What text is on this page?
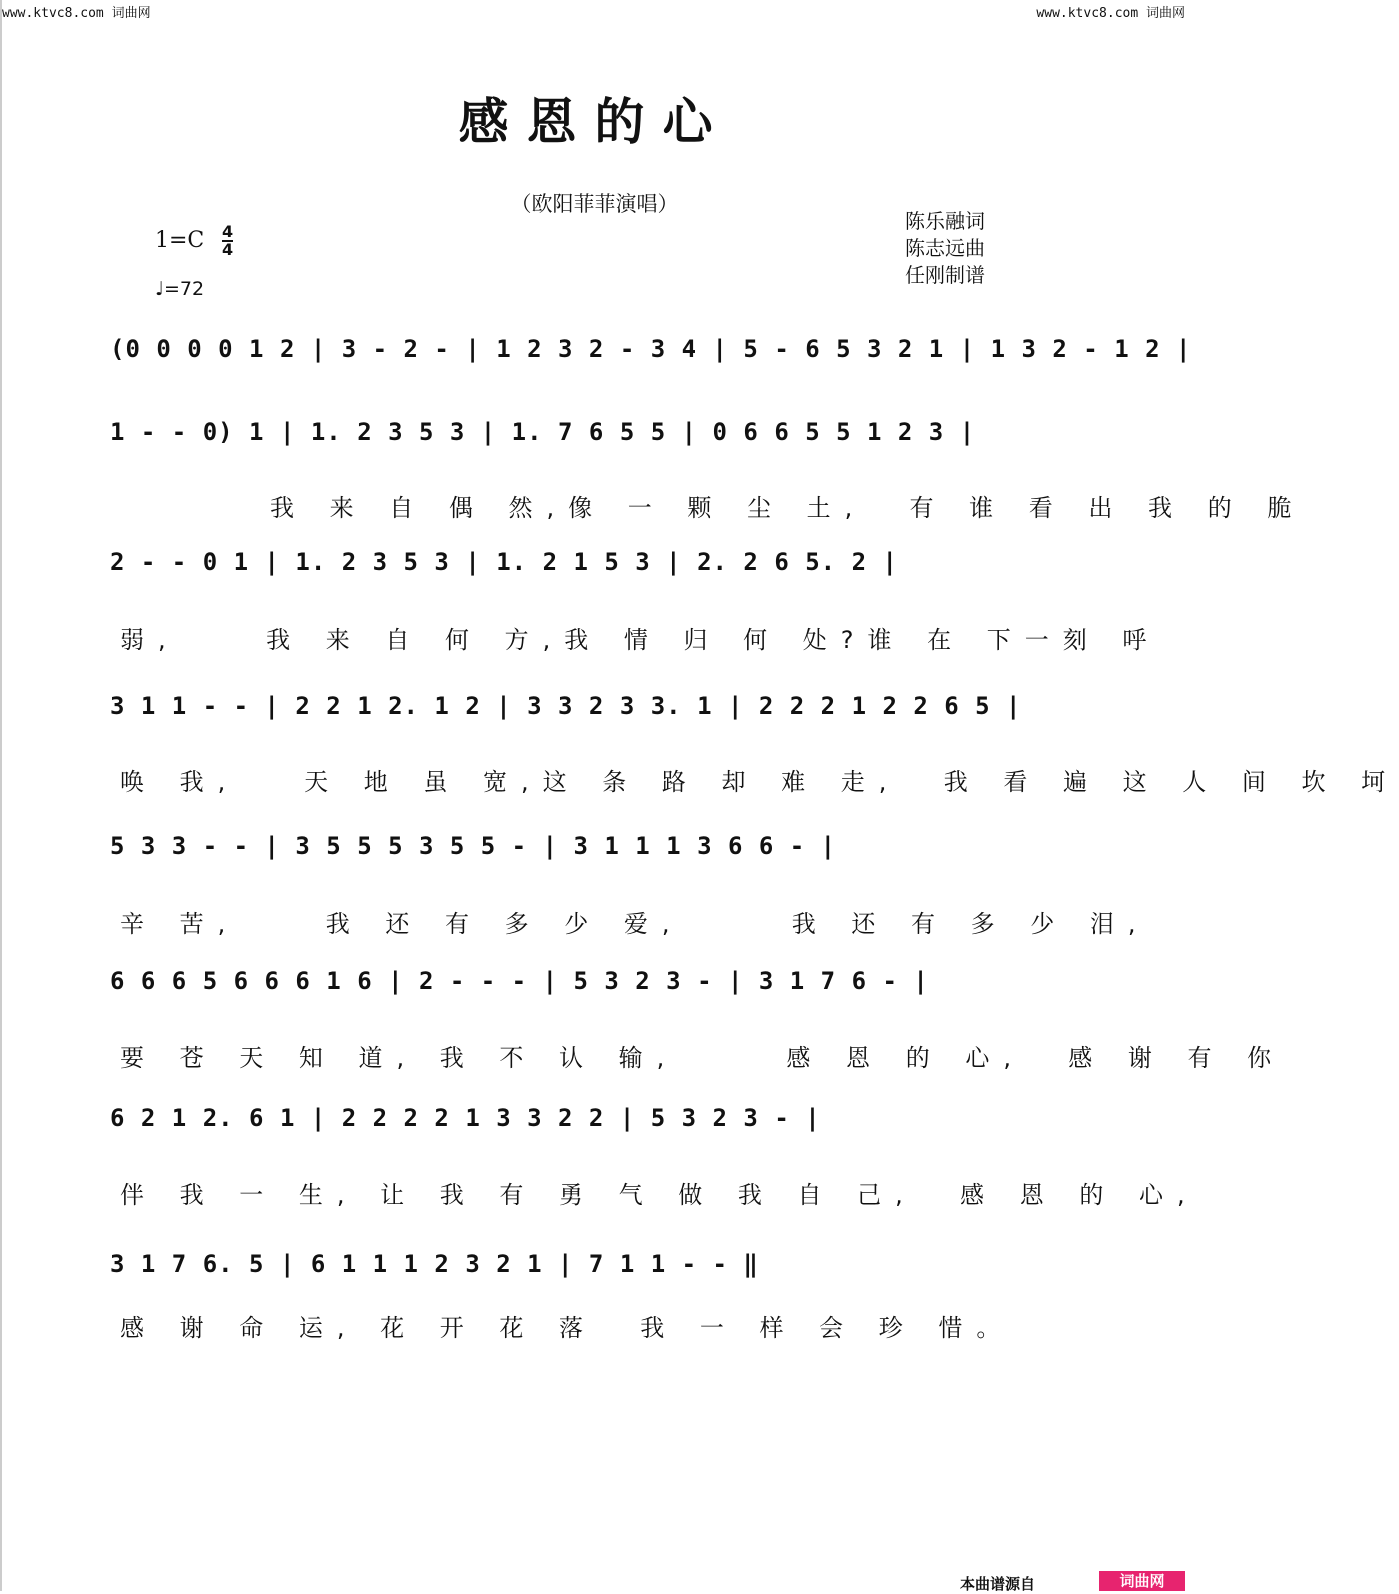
www.ktvc8.com 词曲网	www.ktvc8.com 词曲网
感恩的心
（欧阳菲菲演唱）
陈乐融词
陈志远曲
任刚制谱
$1=C \frac{4}{4}$
♩=72
(0 0 0 0 1 2 | 3 - 2 - | 1 2 3 2 - 3 4 | 5 - 6 5 3 2 1 | 1 3 2 - 1 2 |
1 - - 0) 1 | 1. 2 3 5 3 | 1. 7 6 5 5 | 0 6 6 5 5 1 2 3 |
我 来 自 偶 然,像 一 颗 尘 土,  有 谁 看 出 我 的 脆
2 - - 0 1 | 1. 2 3 5 3 | 1. 2 1 5 3 | 2. 2 6 5. 2 |
弱,    我 来 自 何 方,我 情 归 何 处?谁 在 下一刻 呼
3 1 1 - - | 2 2 1 2. 1 2 | 3 3 2 3 3. 1 | 2 2 2 1 2 2 6 5 |
唤 我,   天 地 虽 宽,这 条 路 却 难 走,  我 看 遍 这 人 间 坎 坷
5 3 3 - - | 3 5 5 5 3 5 5 - | 3 1 1 1 3 6 6 - |
辛 苦,    我 还 有 多 少 爱,     我 还 有 多 少 泪,
6 6 6 5 6 6 6 1 6 | 2 - - - | 5 3 2 3 - | 3 1 7 6 - |
要 苍 天 知 道, 我 不 认 输,     感 恩 的 心,  感 谢 有 你
6 2 1 2. 6 1 | 2 2 2 2 1 3 3 2 2 | 5 3 2 3 - |
伴 我 一 生, 让 我 有 勇 气 做 我 自 己,  感 恩 的 心,
3 1 7 6. 5 | 6 1 1 1 2 3 2 1 | 7 1 1 - - ‖
感 谢 命 运, 花 开 花 落  我 一 样 会 珍 惜。
本曲谱源自	词曲网
